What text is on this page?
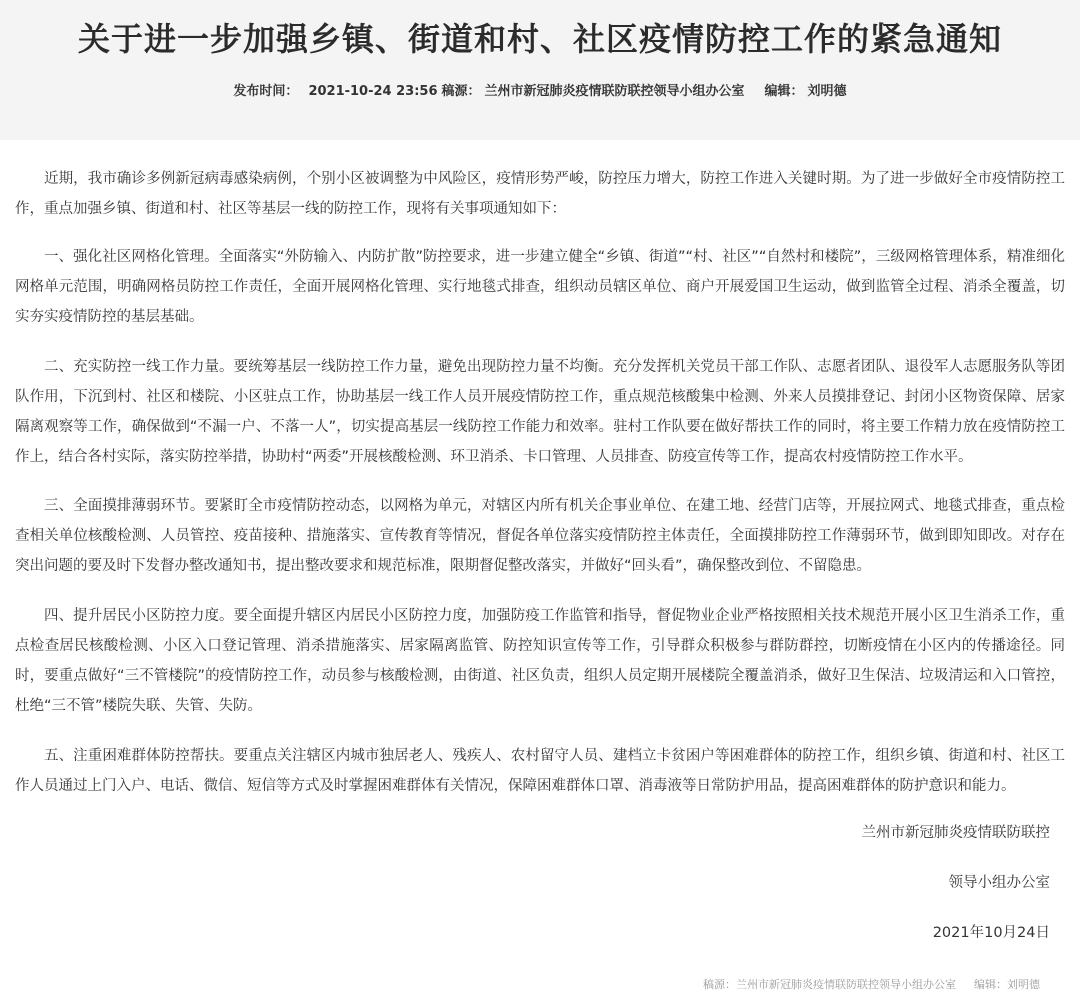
关于进一步加强乡镇、街道和村、社区疫情防控工作的紧急通知
发布时间： 2021-10-24 23:56 稿源： 兰州市新冠肺炎疫情联防联控领导小组办公室 编辑： 刘明德

近期，我市确诊多例新冠病毒感染病例，个别小区被调整为中风险区，疫情形势严峻，防控压力增大，防控工作进入关键时期。为了进一步做好全市疫情防控工作，重点加强乡镇、街道和村、社区等基层一线的防控工作，现将有关事项通知如下：

一、强化社区网格化管理。全面落实“外防输入、内防扩散”防控要求，进一步建立健全“乡镇、街道”“村、社区”“自然村和楼院”，三级网格管理体系，精准细化网格单元范围，明确网格员防控工作责任，全面开展网格化管理、实行地毯式排查，组织动员辖区单位、商户开展爱国卫生运动，做到监管全过程、消杀全覆盖，切实夯实疫情防控的基层基础。

二、充实防控一线工作力量。要统筹基层一线防控工作力量，避免出现防控力量不均衡。充分发挥机关党员干部工作队、志愿者团队、退役军人志愿服务队等团队作用，下沉到村、社区和楼院、小区驻点工作，协助基层一线工作人员开展疫情防控工作，重点规范核酸集中检测、外来人员摸排登记、封闭小区物资保障、居家隔离观察等工作，确保做到“不漏一户、不落一人”，切实提高基层一线防控工作能力和效率。驻村工作队要在做好帮扶工作的同时，将主要工作精力放在疫情防控工作上，结合各村实际，落实防控举措，协助村“两委”开展核酸检测、环卫消杀、卡口管理、人员排查、防疫宣传等工作，提高农村疫情防控工作水平。

三、全面摸排薄弱环节。要紧盯全市疫情防控动态，以网格为单元，对辖区内所有机关企事业单位、在建工地、经营门店等，开展拉网式、地毯式排查，重点检查相关单位核酸检测、人员管控、疫苗接种、措施落实、宣传教育等情况，督促各单位落实疫情防控主体责任，全面摸排防控工作薄弱环节，做到即知即改。对存在突出问题的要及时下发督办整改通知书，提出整改要求和规范标准，限期督促整改落实，并做好“回头看”，确保整改到位、不留隐患。

四、提升居民小区防控力度。要全面提升辖区内居民小区防控力度，加强防疫工作监管和指导，督促物业企业严格按照相关技术规范开展小区卫生消杀工作，重点检查居民核酸检测、小区入口登记管理、消杀措施落实、居家隔离监管、防控知识宣传等工作，引导群众积极参与群防群控，切断疫情在小区内的传播途径。同时，要重点做好“三不管楼院”的疫情防控工作，动员参与核酸检测，由街道、社区负责，组织人员定期开展楼院全覆盖消杀，做好卫生保洁、垃圾清运和入口管控，杜绝“三不管”楼院失联、失管、失防。

五、注重困难群体防控帮扶。要重点关注辖区内城市独居老人、残疾人、农村留守人员、建档立卡贫困户等困难群体的防控工作，组织乡镇、街道和村、社区工作人员通过上门入户、电话、微信、短信等方式及时掌握困难群体有关情况，保障困难群体口罩、消毒液等日常防护用品，提高困难群体的防护意识和能力。

兰州市新冠肺炎疫情联防联控
领导小组办公室
2021年10月24日
稿源：兰州市新冠肺炎疫情联防联控领导小组办公室 编辑：刘明德
